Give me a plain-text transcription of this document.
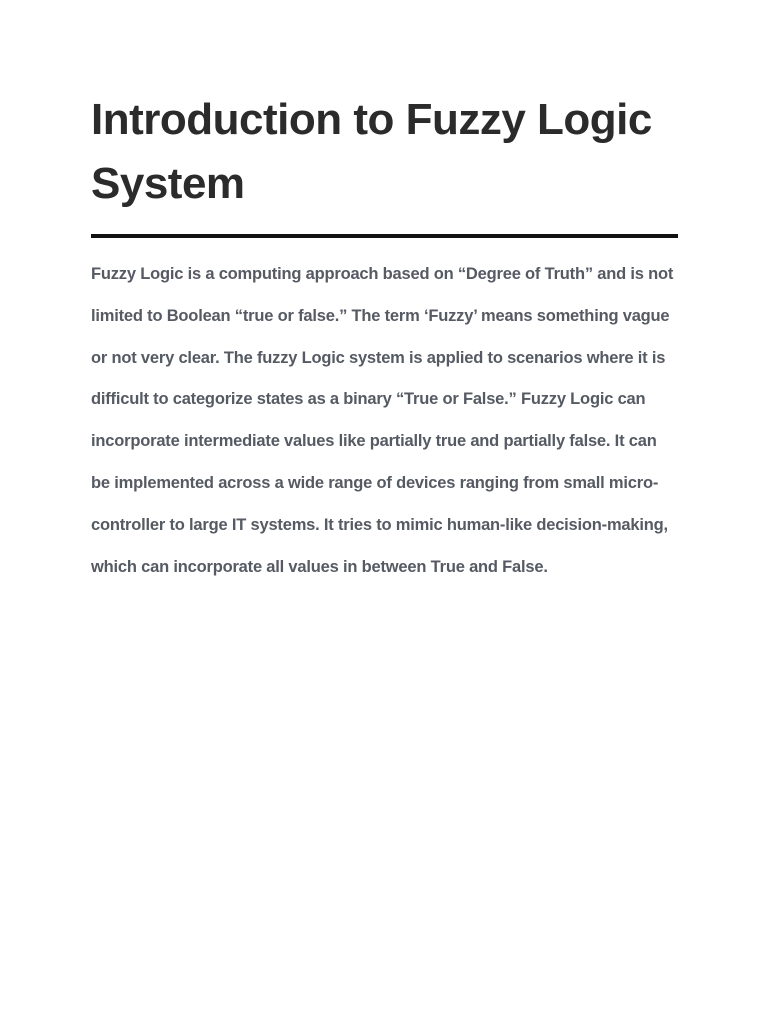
Introduction to Fuzzy Logic System

Fuzzy Logic is a computing approach based on “Degree of Truth” and is not limited to Boolean “true or false.” The term ‘Fuzzy’ means something vague or not very clear. The fuzzy Logic system is applied to scenarios where it is difficult to categorize states as a binary “True or False.” Fuzzy Logic can incorporate intermediate values like partially true and partially false. It can be implemented across a wide range of devices ranging from small micro-controller to large IT systems. It tries to mimic human-like decision-making, which can incorporate all values in between True and False.
